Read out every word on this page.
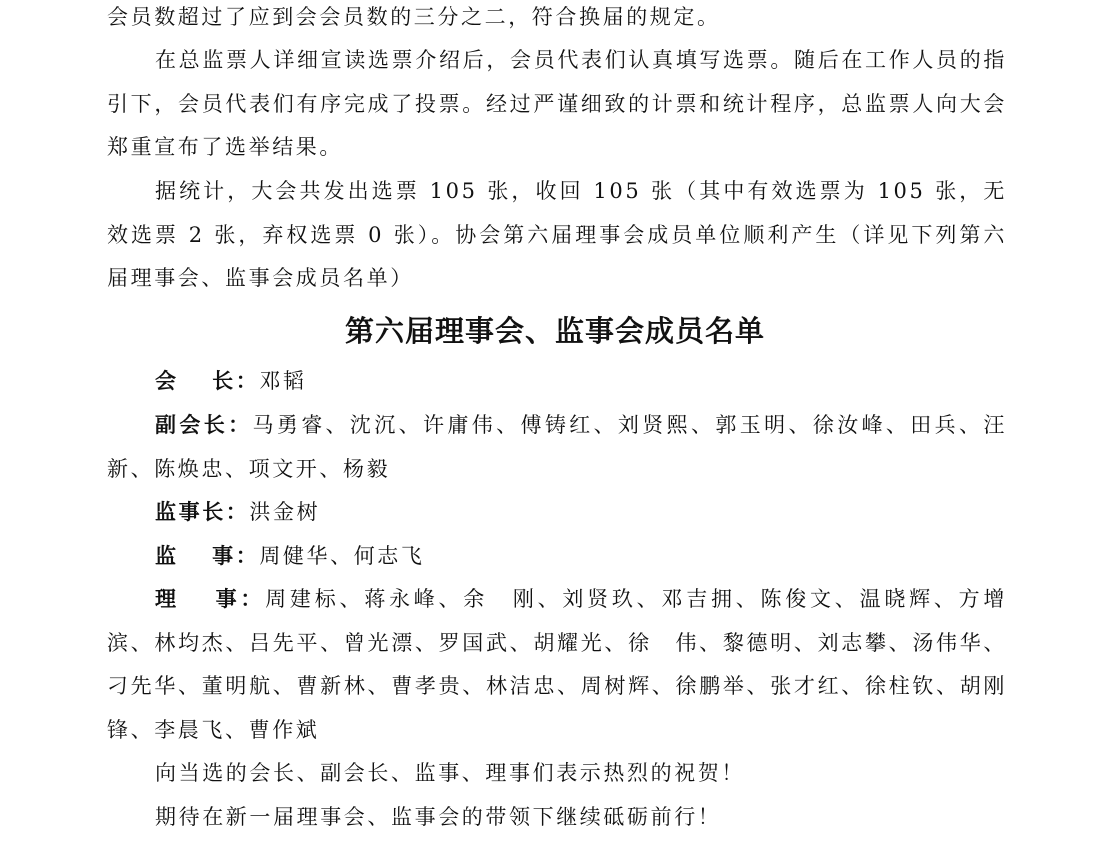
会员数超过了应到会会员数的三分之二，符合换届的规定。

在总监票人详细宣读选票介绍后，会员代表们认真填写选票。随后在工作人员的指引下，会员代表们有序完成了投票。经过严谨细致的计票和统计程序，总监票人向大会郑重宣布了选举结果。

据统计，大会共发出选票 105 张，收回 105 张（其中有效选票为 105 张，无效选票 2 张，弃权选票 0 张）。协会第六届理事会成员单位顺利产生（详见下列第六届理事会、监事会成员名单）

第六届理事会、监事会成员名单

会　 长：邓韬

副会长：马勇睿、沈沉、许庸伟、傅铸红、刘贤熙、郭玉明、徐汝峰、田兵、汪新、陈焕忠、项文开、杨毅

监事长：洪金树

监　 事：周健华、何志飞

理　 事：周建标、蒋永峰、余　刚、刘贤玖、邓吉拥、陈俊文、温晓辉、方增滨、林均杰、吕先平、曾光漂、罗国武、胡耀光、徐　伟、黎德明、刘志攀、汤伟华、刁先华、董明航、曹新林、曹孝贵、林洁忠、周树辉、徐鹏举、张才红、徐柱钦、胡刚锋、李晨飞、曹作斌

向当选的会长、副会长、监事、理事们表示热烈的祝贺！

期待在新一届理事会、监事会的带领下继续砥砺前行！
